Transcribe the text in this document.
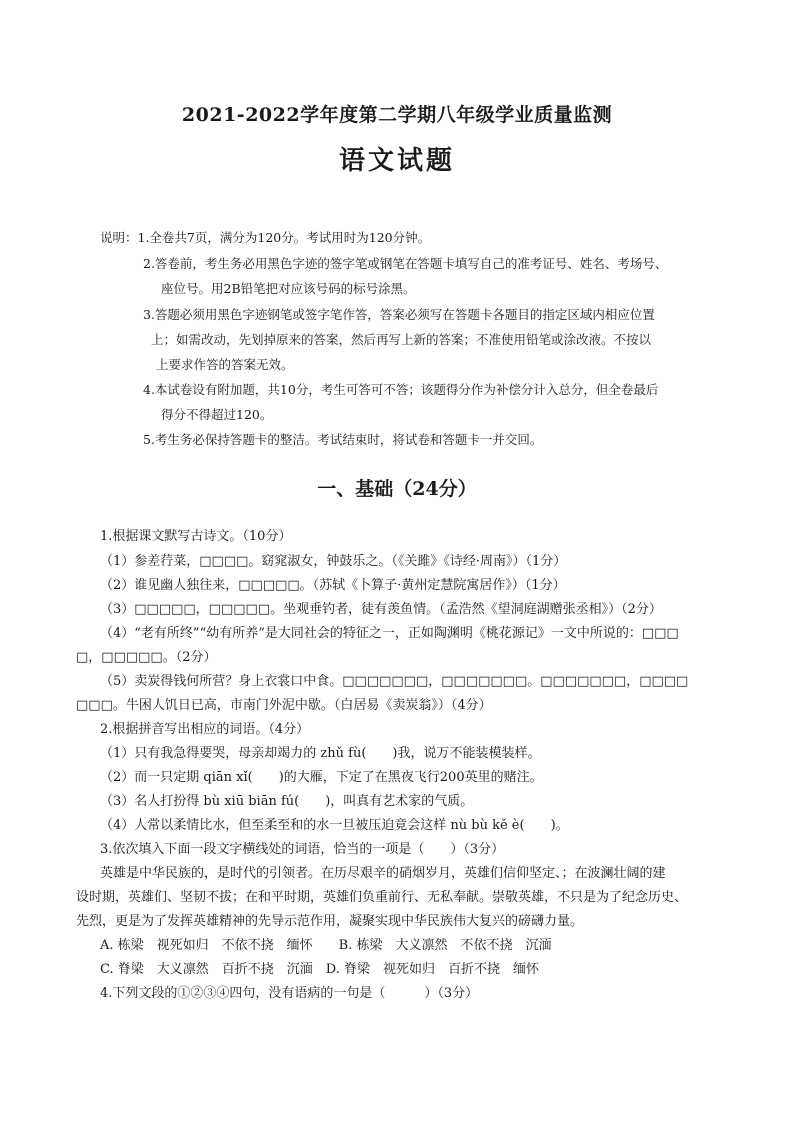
2021-2022学年度第二学期八年级学业质量监测
语文试题
说明：1.全卷共7页，满分为120分。考试用时为120分钟。
2.答卷前，考生务必用黑色字迹的签字笔或钢笔在答题卡填写自己的准考证号、姓名、考场号、
座位号。用2B铅笔把对应该号码的标号涂黑。
3.答题必须用黑色字迹钢笔或签字笔作答，答案必须写在答题卡各题目的指定区域内相应位置
上；如需改动，先划掉原来的答案，然后再写上新的答案；不准使用铅笔或涂改液。不按以
上要求作答的答案无效。
4.本试卷设有附加题，共10分，考生可答可不答；该题得分作为补偿分计入总分，但全卷最后
得分不得超过120。
5.考生务必保持答题卡的整洁。考试结束时，将试卷和答题卡一并交回。
一、基础（24分）
1.根据课文默写古诗文。（10分）
（1）参差荇菜，□□□□。窈窕淑女，钟鼓乐之。（《关雎》《诗经·周南》）（1分）
（2）谁见幽人独往来，□□□□□。（苏轼《卜算子·黄州定慧院寓居作》）（1分）
（3）□□□□□，□□□□□。坐观垂钓者，徒有羡鱼情。（孟浩然《望洞庭湖赠张丞相》）（2分）
（4）“老有所终”“幼有所养”是大同社会的特征之一，正如陶渊明《桃花源记》一文中所说的：□□□
□，□□□□□。（2分）
（5）卖炭得钱何所营？身上衣裳口中食。□□□□□□□，□□□□□□□。□□□□□□□，□□□□
□□□。牛困人饥日已高，市南门外泥中歇。（白居易《卖炭翁》）（4分）
2.根据拼音写出相应的词语。（4分）
（1）只有我急得要哭，母亲却竭力的 zhǔ fù(　　)我，说万不能装模装样。
（2）而一只定期 qiān xǐ(　　)的大雁，下定了在黑夜飞行200英里的赌注。
（3）名人打扮得 bù xiū biān fú(　　)，叫真有艺术家的气质。
（4）人常以柔情比水，但至柔至和的水一旦被压迫竟会这样 nù bù kě è(　　)。
3.依次填入下面一段文字横线处的词语，恰当的一项是（　　）（3分）
英雄是中华民族的，是时代的引领者。在历尽艰辛的硝烟岁月，英雄们信仰坚定、；在波澜壮阔的建
设时期，英雄们、坚韧不拔；在和平时期，英雄们负重前行、无私奉献。崇敬英雄，不只是为了纪念历史、
先烈，更是为了发挥英雄精神的先导示范作用，凝聚实现中华民族伟大复兴的磅礴力量。
A. 栋梁　视死如归　不依不挠　缅怀　　B. 栋梁　大义凛然　不依不挠　沉湎
C. 脊梁　大义凛然　百折不挠　沉湎　D. 脊梁　视死如归　百折不挠　缅怀
4.下列文段的①②③④四句，没有语病的一句是（　　　）（3分）
